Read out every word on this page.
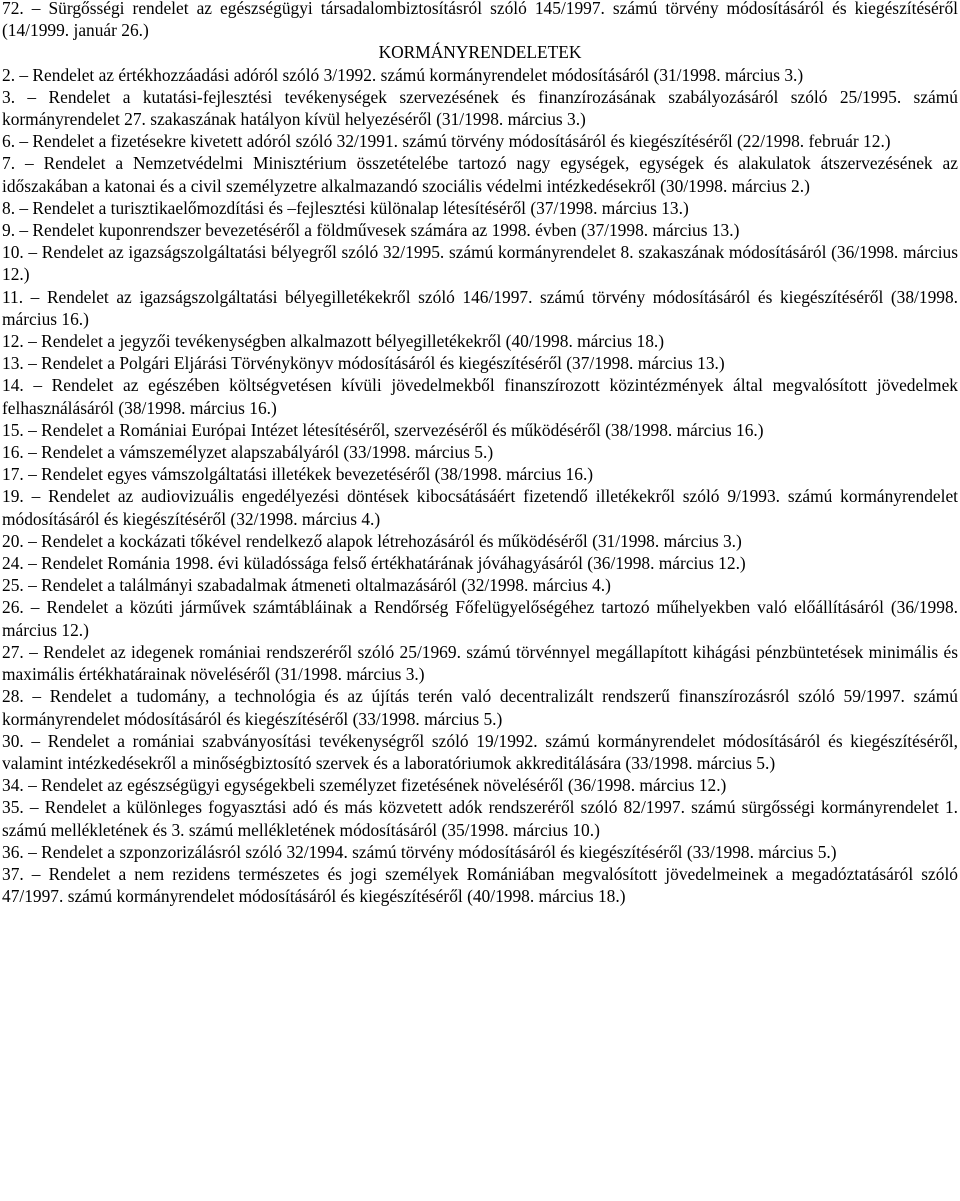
72. – Sürgősségi rendelet az egészségügyi társadalombiztosításról szóló 145/1997. számú törvény módosításáról és kiegészítéséről (14/1999. január 26.)

KORMÁNYRENDELETEK

2. – Rendelet az értékhozzáadási adóról szóló 3/1992. számú kormányrendelet módosításáról (31/1998. március 3.)

3. – Rendelet a kutatási-fejlesztési tevékenységek szervezésének és finanzírozásának szabályozásáról szóló 25/1995. számú kormányrendelet 27. szakaszának hatályon kívül helyezéséről (31/1998. március 3.)

6. – Rendelet a fizetésekre kivetett adóról szóló 32/1991. számú törvény módosításáról és kiegészítéséről (22/1998. február 12.)

7. – Rendelet a Nemzetvédelmi Minisztérium összetételébe tartozó nagy egységek, egységek és alakulatok átszervezésének az időszakában a katonai és a civil személyzetre alkalmazandó szociális védelmi intézkedésekről (30/1998. március 2.)

8. – Rendelet a turisztikaelőmozdítási és –fejlesztési különalap létesítéséről (37/1998. március 13.)

9. – Rendelet kuponrendszer bevezetéséről a földművesek számára az 1998. évben (37/1998. március 13.)

10. – Rendelet az igazságszolgáltatási bélyegről szóló 32/1995. számú kormányrendelet 8. szakaszának módosításáról (36/1998. március 12.)

11. – Rendelet az igazságszolgáltatási bélyegilletékekről szóló 146/1997. számú törvény módosításáról és kiegészítéséről (38/1998. március 16.)

12. – Rendelet a jegyzői tevékenységben alkalmazott bélyegilletékekről (40/1998. március 18.)

13. – Rendelet a Polgári Eljárási Törvénykönyv módosításáról és kiegészítéséről (37/1998. március 13.)

14. – Rendelet az egészében költségvetésen kívüli jövedelmekből finanszírozott közintézmények által megvalósított jövedelmek felhasználásáról (38/1998. március 16.)

15. – Rendelet a Romániai Európai Intézet létesítéséről, szervezéséről és működéséről (38/1998. március 16.)

16. – Rendelet a vámszemélyzet alapszabályáról (33/1998. március 5.)

17. – Rendelet egyes vámszolgáltatási illetékek bevezetéséről (38/1998. március 16.)

19. – Rendelet az audiovizuális engedélyezési döntések kibocsátásáért fizetendő illetékekről szóló 9/1993. számú kormányrendelet módosításáról és kiegészítéséről (32/1998. március 4.)

20. – Rendelet a kockázati tőkével rendelkező alapok létrehozásáról és működéséről (31/1998. március 3.)

24. – Rendelet Románia 1998. évi küladóssága felső értékhatárának jóváhagyásáról (36/1998. március 12.)

25. – Rendelet a találmányi szabadalmak átmeneti oltalmazásáról (32/1998. március 4.)

26. – Rendelet a közúti járművek számtábláinak a Rendőrség Főfelügyelőségéhez tartozó műhelyekben való előállításáról (36/1998. március 12.)

27. – Rendelet az idegenek romániai rendszeréről szóló 25/1969. számú törvénnyel megállapított kihágási pénzbüntetések minimális és maximális értékhatárainak növeléséről (31/1998. március 3.)

28. – Rendelet a tudomány, a technológia és az újítás terén való decentralizált rendszerű finanszírozásról szóló 59/1997. számú kormányrendelet módosításáról és kiegészítéséről (33/1998. március 5.)

30. – Rendelet a romániai szabványosítási tevékenységről szóló 19/1992. számú kormányrendelet módosításáról és kiegészítéséről, valamint intézkedésekről a minőségbiztosító szervek és a laboratóriumok akkreditálására (33/1998. március 5.)

34. – Rendelet az egészségügyi egységekbeli személyzet fizetésének növeléséről (36/1998. március 12.)

35. – Rendelet a különleges fogyasztási adó és más közvetett adók rendszeréről szóló 82/1997. számú sürgősségi kormányrendelet 1. számú mellékletének és 3. számú mellékletének módosításáról (35/1998. március 10.)

36. – Rendelet a szponzorizálásról szóló 32/1994. számú törvény módosításáról és kiegészítéséről (33/1998. március 5.)

37. – Rendelet a nem rezidens természetes és jogi személyek Romániában megvalósított jövedelmeinek a megadóztatásáról szóló 47/1997. számú kormányrendelet módosításáról és kiegészítéséről (40/1998. március 18.)
